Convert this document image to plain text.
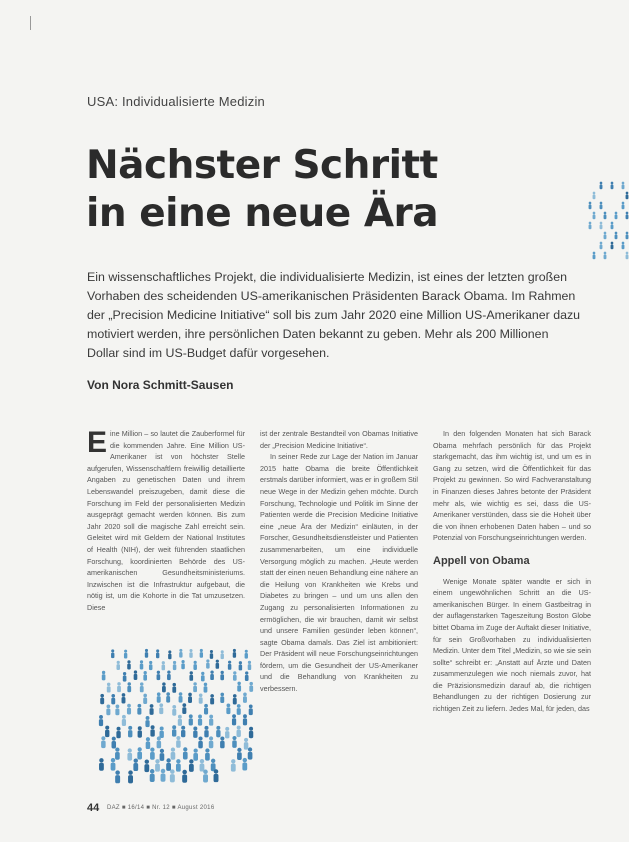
USA: Individualisierte Medizin
Nächster Schritt
in eine neue Ära

Ein wissenschaftliches Projekt, die individualisierte Medizin, ist eines der letzten großen Vorhaben des scheidenden US-amerikanischen Präsidenten Barack Obama. Im Rahmen der „Precision Medicine Initiative“ soll bis zum Jahr 2020 eine Million US-Amerikaner dazu motiviert werden, ihre persönlichen Daten bekannt zu geben. Mehr als 200 Millionen Dollar sind im US-Budget dafür vorgesehen.

Von Nora Schmitt-Sausen

Eine Million – so lautet die Zauberformel für die kommenden Jahre. Eine Million US-Amerikaner ist von höchster Stelle aufgerufen, Wissenschaftlern freiwillig detaillierte Angaben zu genetischen Daten und ihrem Lebenswandel preiszugeben, damit diese die Forschung im Feld der personalisierten Medizin ausgeprägt gemacht werden können. Bis zum Jahr 2020 soll die magische Zahl erreicht sein. Geleitet wird mit Geldern der National Institutes of Health (NIH), der weit führenden staatlichen Forschung, koordinierten Behörde des US-amerikanischen Gesundheitsministeriums. Inzwischen ist die Infrastruktur aufgebaut, die nötig ist, um die Kohorte in die Tat umzusetzen. Diese

ist der zentrale Bestandteil von Obamas Initiative der „Precision Medicine Initiative“.

In seiner Rede zur Lage der Nation im Januar 2015 hatte Obama die breite Öffentlichkeit erstmals darüber informiert, was er in großem Stil neue Wege in der Medizin gehen möchte. Durch Forschung, Technologie und Politik im Sinne der Patienten werde die Precision Medicine Initiative eine „neue Ära der Medizin“ einläuten, in der Forscher, Gesundheitsdienstleister und Patienten zusammenarbeiten, um eine individuelle Versorgung möglich zu machen. „Heute werden statt der einen neuen Behandlung eine nähere an die Heilung von Krankheiten wie Krebs und Diabetes zu bringen – und um uns allen den Zugang zu personalisierten Informationen zu ermöglichen, die wir brauchen, damit wir selbst und unsere Familien gesünder leben können“, sagte Obama damals. Das Ziel ist ambitioniert: Der Präsident will neue Forschungseinrichtungen fördern, um die Gesundheit der US-Amerikaner und die Behandlung von Krankheiten zu verbessern.

In den folgenden Monaten hat sich Barack Obama mehrfach persönlich für das Projekt starkgemacht, das ihm wichtig ist, und um es in Gang zu setzen, wird die Öffentlichkeit für das Projekt zu gewinnen. So wird Fachveranstaltung in Finanzen dieses Jahres betonte der Präsident mehr als, wie wichtig es sei, dass die US-Amerikaner verstünden, dass sie die Hoheit über die von ihnen erhobenen Daten haben – und so Potenzial von Forschungseinrichtungen werden.

Appell von Obama

Wenige Monate später wandte er sich in einem ungewöhnlichen Schritt an die US-amerikanischen Bürger. In einem Gastbeitrag in der auflagenstarken Tageszeitung Boston Globe bittet Obama im Zuge der Auftakt dieser Initiative, für sein Großvorhaben zu individualisierten Medizin. Unter dem Titel „Medizin, so wie sie sein sollte“ schreibt er: „Anstatt auf Ärzte und Daten zusammenzulegen wie noch niemals zuvor, hat die Präzisionsmedizin darauf ab, die richtigen Behandlungen zu der richtigen Dosierung zur richtigen Zeit zu liefern. Jedes Mal, für jeden, das

44 DAZ ■ 16/14 ■ Nr. 12 ■ August 2016
